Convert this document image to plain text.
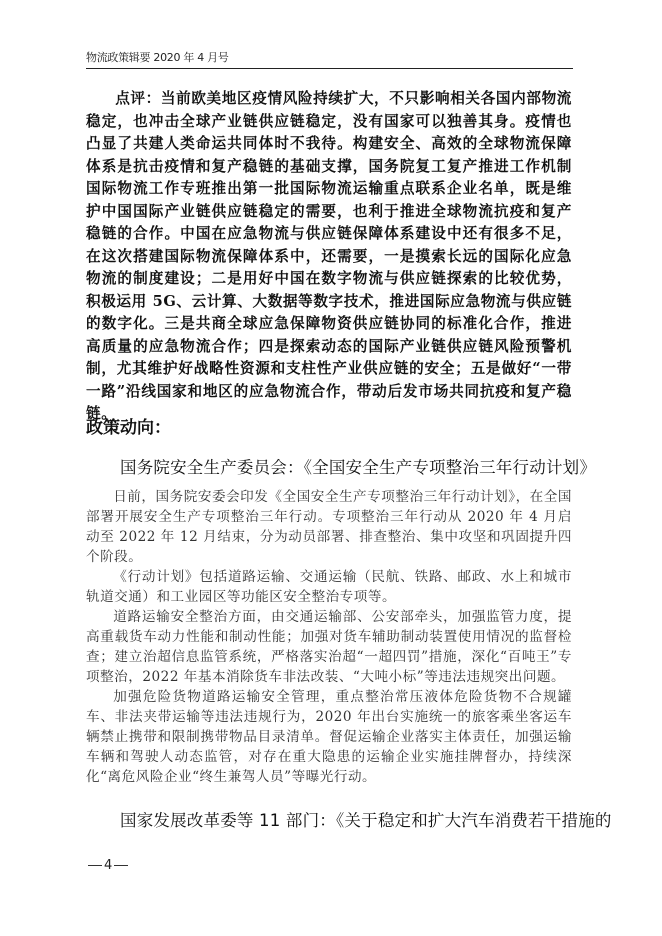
物流政策辑要 2020 年 4 月号

点评：当前欧美地区疫情风险持续扩大，不只影响相关各国内部物流稳定，也冲击全球产业链供应链稳定，没有国家可以独善其身。疫情也凸显了共建人类命运共同体时不我待。构建安全、高效的全球物流保障体系是抗击疫情和复产稳链的基础支撑，国务院复工复产推进工作机制国际物流工作专班推出第一批国际物流运输重点联系企业名单，既是维护中国国际产业链供应链稳定的需要，也利于推进全球物流抗疫和复产稳链的合作。中国在应急物流与供应链保障体系建设中还有很多不足，在这次搭建国际物流保障体系中，还需要，一是摸索长远的国际化应急物流的制度建设；二是用好中国在数字物流与供应链探索的比较优势，积极运用 5G、云计算、大数据等数字技术，推进国际应急物流与供应链的数字化。三是共商全球应急保障物资供应链协同的标准化合作，推进高质量的应急物流合作；四是探索动态的国际产业链供应链风险预警机制，尤其维护好战略性资源和支柱性产业供应链的安全；五是做好“一带一路”沿线国家和地区的应急物流合作，带动后发市场共同抗疫和复产稳链。

政策动向：
国务院安全生产委员会：《全国安全生产专项整治三年行动计划》

日前，国务院安委会印发《全国安全生产专项整治三年行动计划》，在全国部署开展安全生产专项整治三年行动。专项整治三年行动从 2020 年 4 月启动至 2022 年 12 月结束，分为动员部署、排查整治、集中攻坚和巩固提升四个阶段。

《行动计划》包括道路运输、交通运输（民航、铁路、邮政、水上和城市轨道交通）和工业园区等功能区安全整治专项等。

道路运输安全整治方面，由交通运输部、公安部牵头，加强监管力度，提高重载货车动力性能和制动性能；加强对货车辅助制动装置使用情况的监督检查；建立治超信息监管系统，严格落实治超“一超四罚”措施，深化“百吨王”专项整治，2022 年基本消除货车非法改装、“大吨小标”等违法违规突出问题。

加强危险货物道路运输安全管理，重点整治常压液体危险货物不合规罐车、非法夹带运输等违法违规行为，2020 年出台实施统一的旅客乘坐客运车辆禁止携带和限制携带物品目录清单。督促运输企业落实主体责任，加强运输车辆和驾驶人动态监管，对存在重大隐患的运输企业实施挂牌督办，持续深化“离危风险企业“终生兼驾人员”等曝光行动。

国家发展改革委等 11 部门：《关于稳定和扩大汽车消费若干措施的
4
